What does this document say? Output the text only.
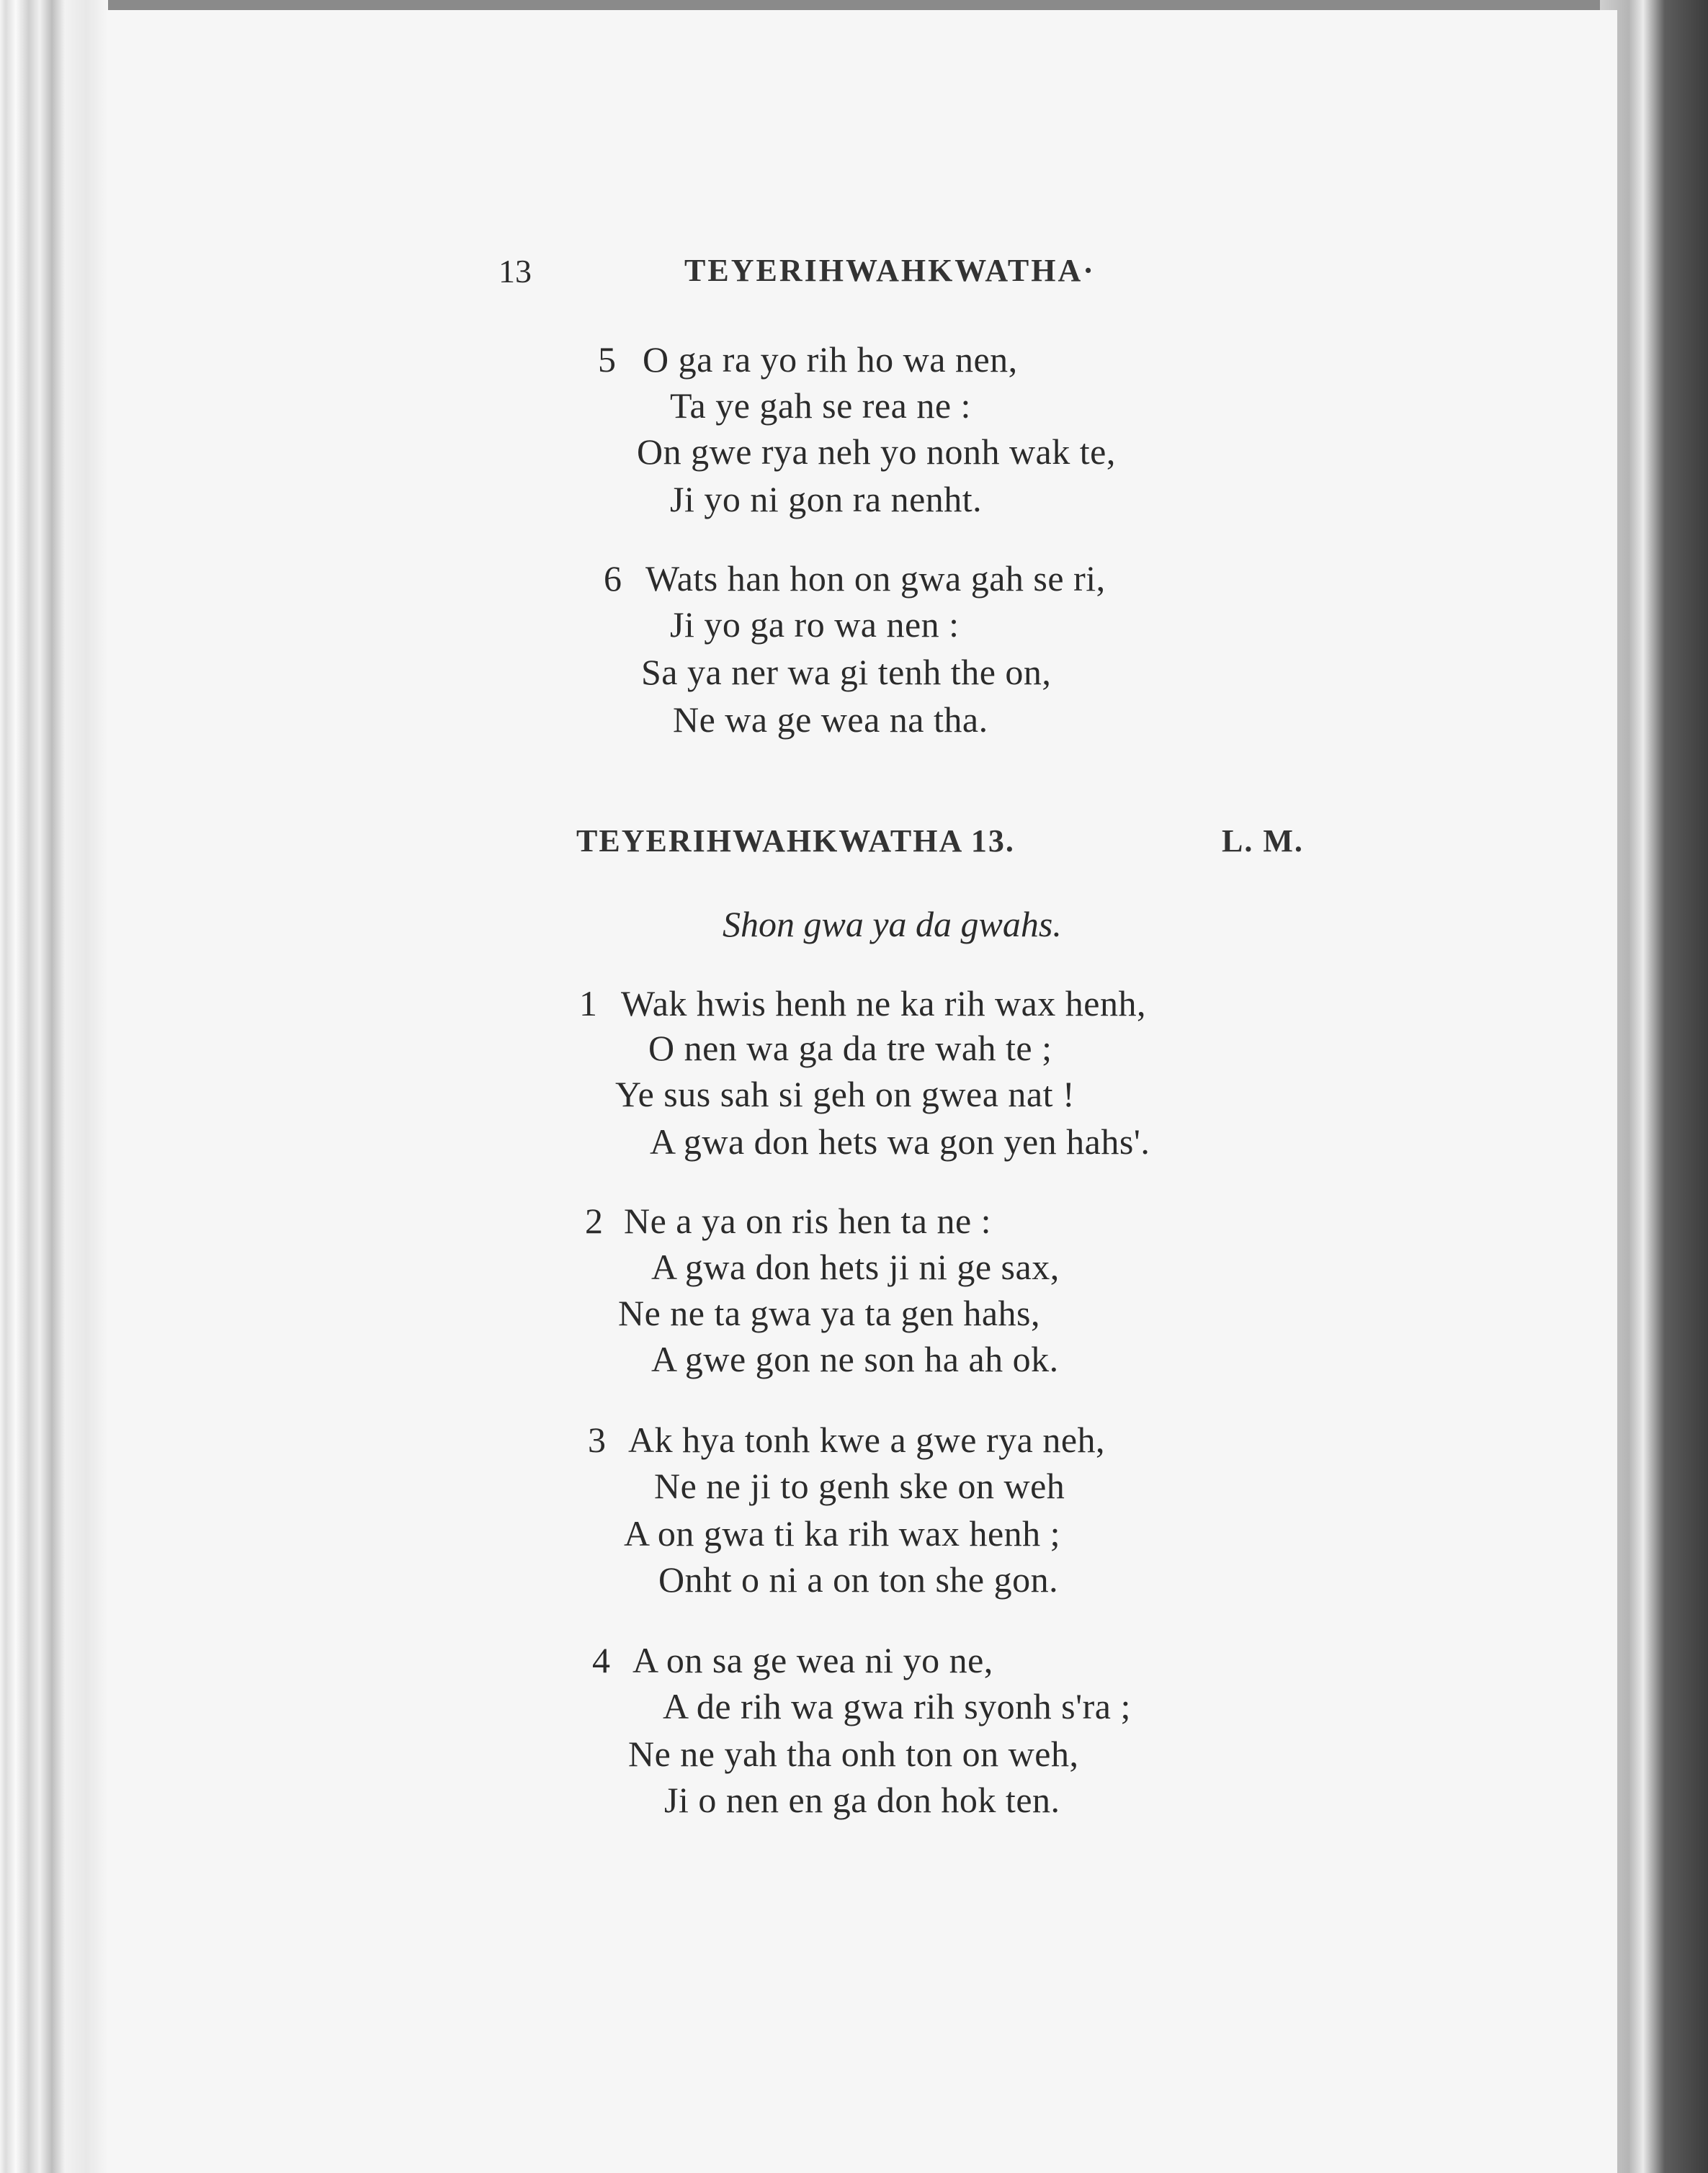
13	TEYERIHWAHKWATHA·
5 O ga ra yo rih ho wa nen,
Ta ye gah se rea ne :
On gwe rya neh yo nonh wak te,
Ji yo ni gon ra nenht.
6 Wats han hon on gwa gah se ri,
Ji yo ga ro wa nen :
Sa ya ner wa gi tenh the on,
Ne wa ge wea na tha.
TEYERIHWAHKWATHA 13.	L. M.
Shon gwa ya da gwahs.
1 Wak hwis henh ne ka rih wax henh,
O nen wa ga da tre wah te ;
Ye sus sah si geh on gwea nat !
A gwa don hets wa gon yen hahs'.
2 Ne a ya on ris hen ta ne :
A gwa don hets ji ni ge sax,
Ne ne ta gwa ya ta gen hahs,
A gwe gon ne son ha ah ok.
3 Ak hya tonh kwe a gwe rya neh,
Ne ne ji to genh ske on weh
A on gwa ti ka rih wax henh ;
Onht o ni a on ton she gon.
4 A on sa ge wea ni yo ne,
A de rih wa gwa rih syonh s'ra ;
Ne ne yah tha onh ton on weh,
Ji o nen en ga don hok ten.
